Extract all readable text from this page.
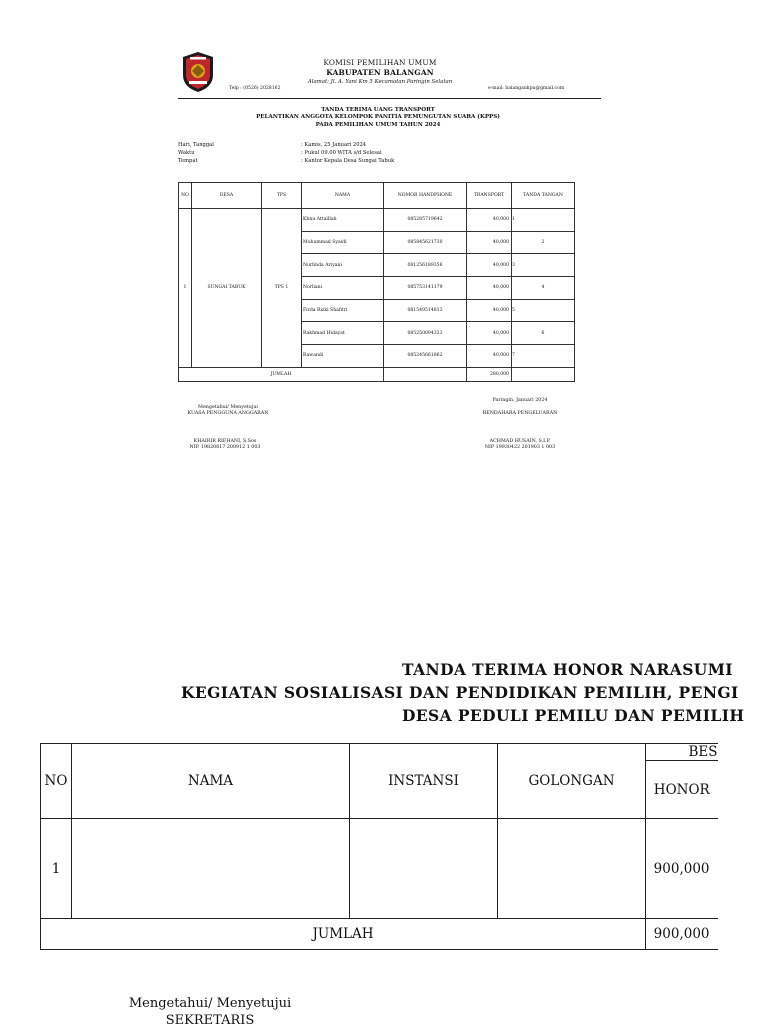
KOMISI PEMILIHAN UMUM
KABUPATEN BALANGAN
Alamat: Jl. A. Yani Km 5 Kecamatan Paringin Selatan
Telp : (0526) 2028162	e-mail: balangankpu@gmail.com
TANDA TERIMA UANG TRANSPORT
PELANTIKAN ANGGOTA KELOMPOK PANITIA PEMUNGUTAN SUARA (KPPS)
PADA PEMILIHAN UMUM TAHUN 2024
Hari, Tanggal	: Kamis, 25 Januari 2024
Waktu	: Pukul 09.00 WITA s/d Selesai
Tempat	: Kantor Kepala Desa Sungai Tabuk
NO	DESA	TPS	NAMA	NOMOR HANDPHONE	TRANSPORT	TANDA TANGAN
1	SUNGAI TABUK	TPS 1	Khnu Attaillah	085285719642	40,000	1

			Muhammad Syaidi	085845621730	40,000	2

			Nurlinda Ariyani	081256189356	40,000	3

			Norliani	085753141179	40,000	4

			Firda Rizki Shafitri	081549514813	40,000	5

			Rakhmad Hidayat	085250094333	40,000	6

			Rawandi	085245661862	40,000	7

JUMLAH					280,000	
Mengetahui/ Menyetujui
KUASA PENGGUNA ANGGARAN
KHAIRIR RIFHANI, S.Sos
NIP. 19820617 200912 1 003
Paringin, Januari 2024
BENDAHARA PENGELUARAN
ACHMAD HUSAIN, S.I.P.
NIP 19930422 201903 1 003
TANDA TERIMA HONOR NARASUMI
KEGIATAN SOSIALISASI DAN PENDIDIKAN PEMILIH, PENGI
DESA PEDULI PEMILU DAN PEMILIH
NO	NAMA	INSTANSI	GOLONGAN	BES
				HONOR
1				900,000
JUMLAH				900,000
Mengetahui/ Menyetujui
SEKRETARIS
